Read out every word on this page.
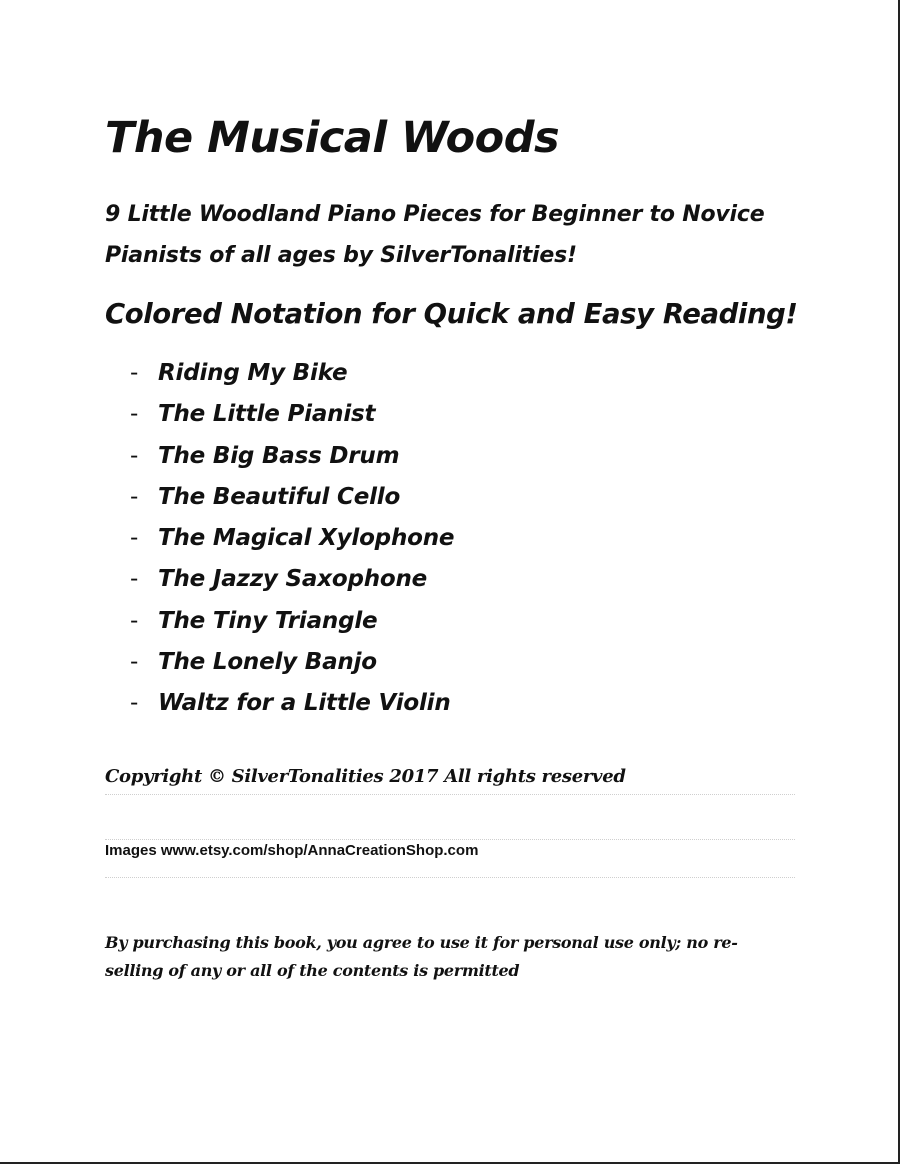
The Musical Woods

9 Little Woodland Piano Pieces for Beginner to Novice
Pianists of all ages by SilverTonalities!

Colored Notation for Quick and Easy Reading!
- Riding My Bike
- The Little Pianist
- The Big Bass Drum
- The Beautiful Cello
- The Magical Xylophone
- The Jazzy Saxophone
- The Tiny Triangle
- The Lonely Banjo
- Waltz for a Little Violin

Copyright © SilverTonalities 2017 All rights reserved

Images www.etsy.com/shop/AnnaCreationShop.com

By purchasing this book, you agree to use it for personal use only; no re-
selling of any or all of the contents is permitted
